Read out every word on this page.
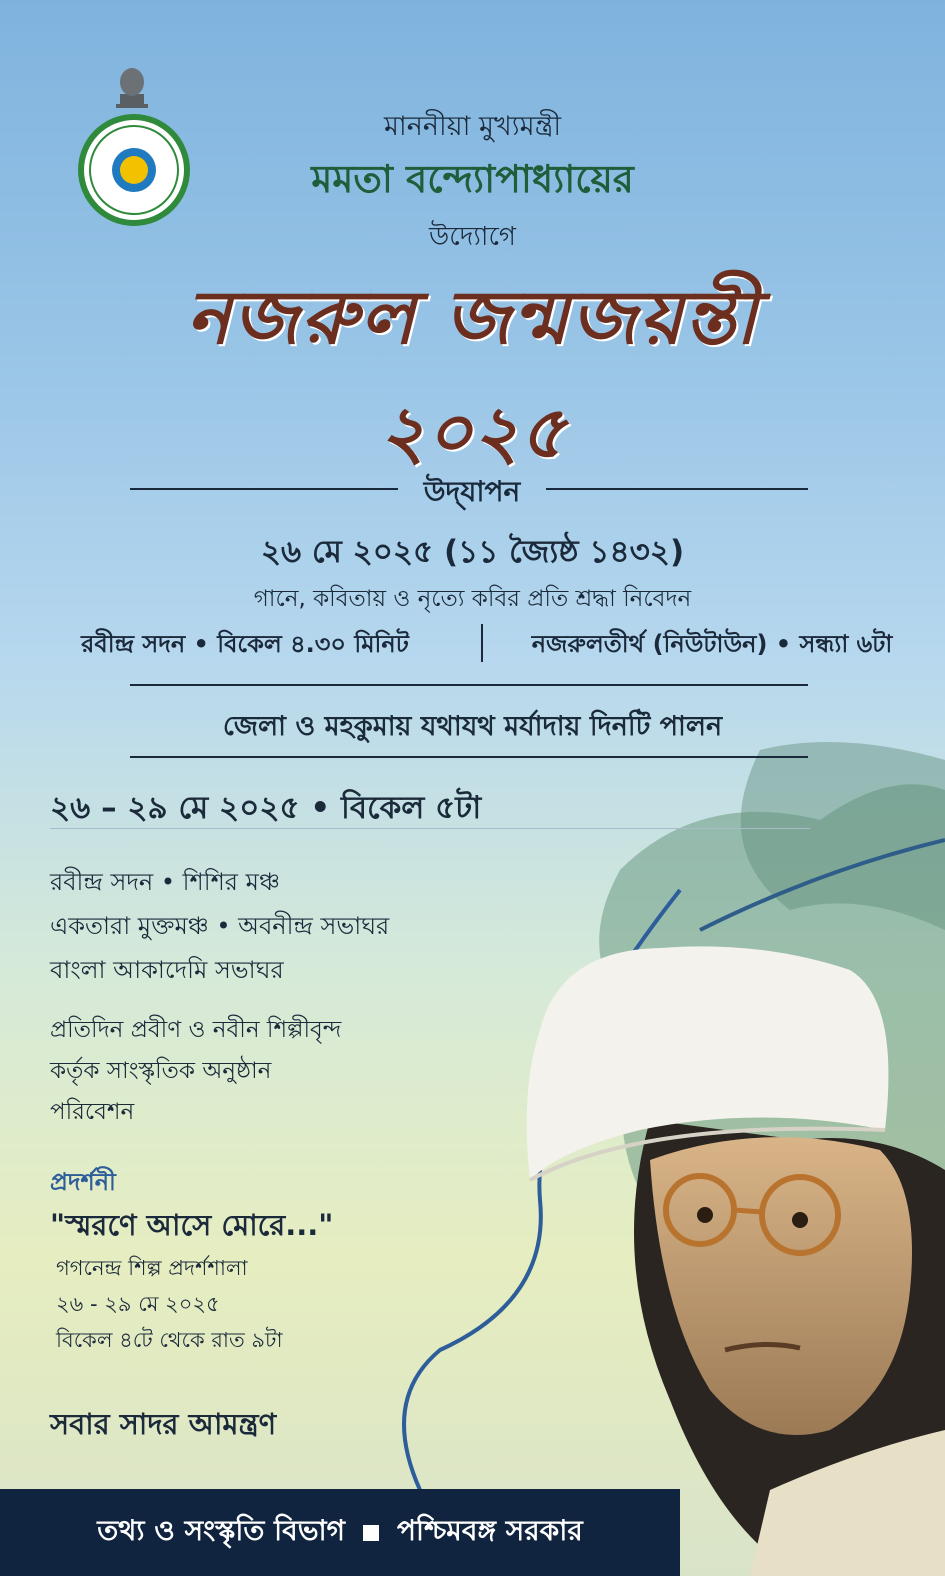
মাননীয়া মুখ্যমন্ত্রী
মমতা বন্দ্যোপাধ্যায়ের
উদ্যোগে
নজরুল জন্মজয়ন্তী
২০২৫
উদ্‌যাপন
২৬ মে ২০২৫ (১১ জ্যৈষ্ঠ ১৪৩২)
গানে, কবিতায় ও নৃত্যে কবির প্রতি শ্রদ্ধা নিবেদন
রবীন্দ্র সদন • বিকেল ৪.৩০ মিনিট	নজরুলতীর্থ (নিউটাউন) • সন্ধ্যা ৬টা
জেলা ও মহকুমায় যথাযথ মর্যাদায় দিনটি পালন
২৬ – ২৯ মে ২০২৫ • বিকেল ৫টা
রবীন্দ্র সদন • শিশির মঞ্চ
একতারা মুক্তমঞ্চ • অবনীন্দ্র সভাঘর
বাংলা আকাদেমি সভাঘর
প্রতিদিন প্রবীণ ও নবীন শিল্পীবৃন্দ
কর্তৃক সাংস্কৃতিক অনুষ্ঠান
পরিবেশন
প্রদর্শনী
"স্মরণে আসে মোরে..."
গগনেন্দ্র শিল্প প্রদর্শশালা
২৬ - ২৯ মে ২০২৫
বিকেল ৪টে থেকে রাত ৯টা
সবার সাদর আমন্ত্রণ
তথ্য ও সংস্কৃতি বিভাগ পশ্চিমবঙ্গ সরকার
